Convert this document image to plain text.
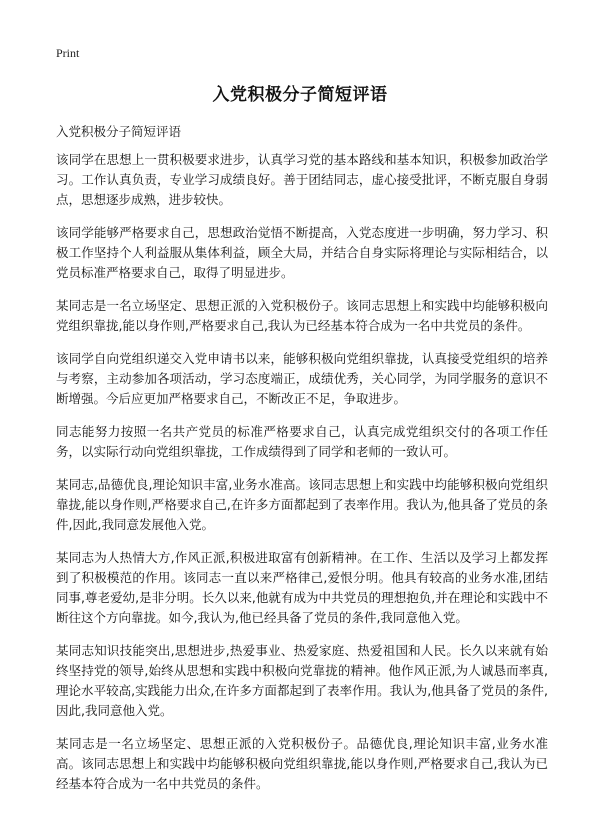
Print
入党积极分子简短评语

入党积极分子简短评语

该同学在思想上一贯积极要求进步，认真学习党的基本路线和基本知识，积极参加政治学习。工作认真负责，专业学习成绩良好。善于团结同志，虚心接受批评，不断克服自身弱点，思想逐步成熟，进步较快。

该同学能够严格要求自己，思想政治觉悟不断提高，入党态度进一步明确，努力学习、积极工作坚持个人利益服从集体利益，顾全大局，并结合自身实际将理论与实际相结合，以党员标准严格要求自己，取得了明显进步。

某同志是一名立场坚定、思想正派的入党积极份子。该同志思想上和实践中均能够积极向党组织靠拢,能以身作则,严格要求自己,我认为已经基本符合成为一名中共党员的条件。

该同学自向党组织递交入党申请书以来，能够积极向党组织靠拢，认真接受党组织的培养与考察，主动参加各项活动，学习态度端正，成绩优秀，关心同学，为同学服务的意识不断增强。今后应更加严格要求自己，不断改正不足，争取进步。

同志能努力按照一名共产党员的标准严格要求自己，认真完成党组织交付的各项工作任务，以实际行动向党组织靠拢，工作成绩得到了同学和老师的一致认可。

某同志,品德优良,理论知识丰富,业务水准高。该同志思想上和实践中均能够积极向党组织靠拢,能以身作则,严格要求自己,在许多方面都起到了表率作用。我认为,他具备了党员的条件,因此,我同意发展他入党。

某同志为人热情大方,作风正派,积极进取富有创新精神。在工作、生活以及学习上都发挥到了积极模范的作用。该同志一直以来严格律己,爱恨分明。他具有较高的业务水准,团结同事,尊老爱幼,是非分明。长久以来,他就有成为中共党员的理想抱负,并在理论和实践中不断往这个方向靠拢。如今,我认为,他已经具备了党员的条件,我同意他入党。

某同志知识技能突出,思想进步,热爱事业、热爱家庭、热爱祖国和人民。长久以来就有始终坚持党的领导,始终从思想和实践中积极向党靠拢的精神。他作风正派,为人诚恳而率真,理论水平较高,实践能力出众,在许多方面都起到了表率作用。我认为,他具备了党员的条件,因此,我同意他入党。

某同志是一名立场坚定、思想正派的入党积极份子。品德优良,理论知识丰富,业务水准高。该同志思想上和实践中均能够积极向党组织靠拢,能以身作则,严格要求自己,我认为已经基本符合成为一名中共党员的条件。
